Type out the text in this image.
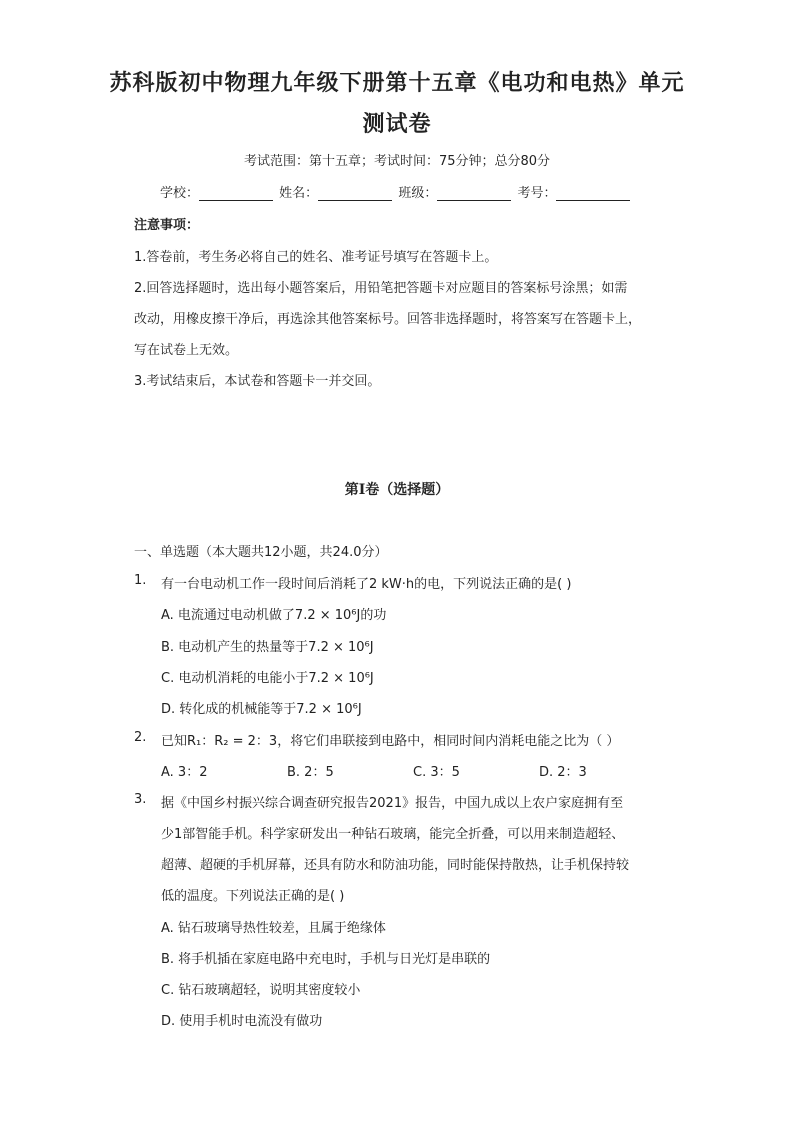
苏科版初中物理九年级下册第十五章《电功和电热》单元
测试卷
考试范围：第十五章；考试时间：75分钟；总分80分
学校：	姓名：	班级：	考号：
注意事项：
1.答卷前，考生务必将自己的姓名、准考证号填写在答题卡上。
2.回答选择题时，选出每小题答案后，用铅笔把答题卡对应题目的答案标号涂黑；如需
改动，用橡皮擦干净后，再选涂其他答案标号。回答非选择题时，将答案写在答题卡上，
写在试卷上无效。
3.考试结束后，本试卷和答题卡一并交回。
第Ⅰ卷（选择题）
一、单选题（本大题共12小题，共24.0分）
1. 有一台电动机工作一段时间后消耗了2 kW·h的电，下列说法正确的是( )
A. 电流通过电动机做了7.2 × 10⁶J的功
B. 电动机产生的热量等于7.2 × 10⁶J
C. 电动机消耗的电能小于7.2 × 10⁶J
D. 转化成的机械能等于7.2 × 10⁶J
2. 已知R₁：R₂ = 2：3，将它们串联接到电路中，相同时间内消耗电能之比为（ ）
A. 3：2	B. 2：5	C. 3：5	D. 2：3
3. 据《中国乡村振兴综合调查研究报告2021》报告，中国九成以上农户家庭拥有至
少1部智能手机。科学家研发出一种钻石玻璃，能完全折叠，可以用来制造超轻、
超薄、超硬的手机屏幕，还具有防水和防油功能，同时能保持散热，让手机保持较
低的温度。下列说法正确的是( )
A. 钻石玻璃导热性较差，且属于绝缘体
B. 将手机插在家庭电路中充电时，手机与日光灯是串联的
C. 钻石玻璃超轻，说明其密度较小
D. 使用手机时电流没有做功
